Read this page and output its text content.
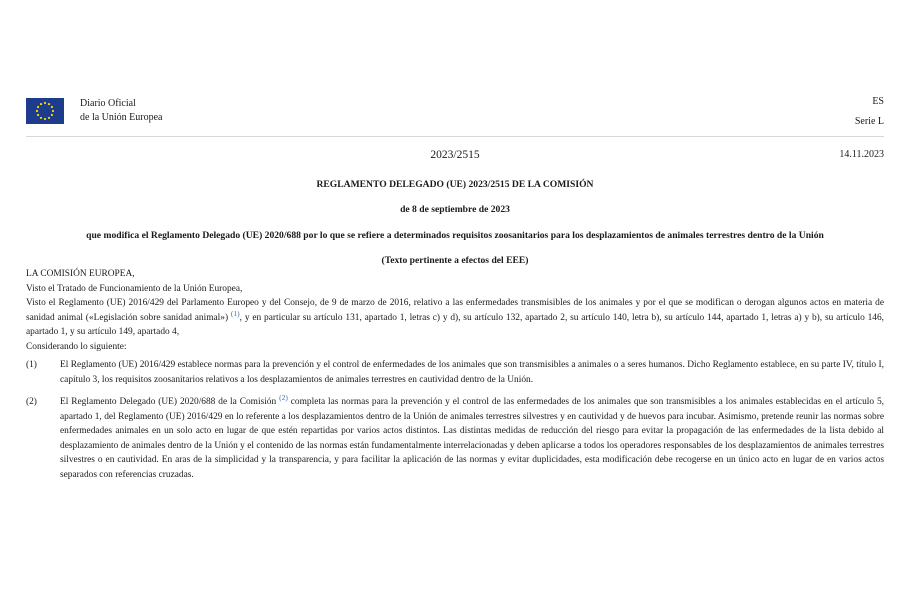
Diario Oficial
de la Unión Europea
ES
Serie L
2023/2515	14.11.2023
REGLAMENTO DELEGADO (UE) 2023/2515 DE LA COMISIÓN
de 8 de septiembre de 2023
que modifica el Reglamento Delegado (UE) 2020/688 por lo que se refiere a determinados requisitos zoosanitarios para los desplazamientos de animales terrestres dentro de la Unión
(Texto pertinente a efectos del EEE)

LA COMISIÓN EUROPEA,

Visto el Tratado de Funcionamiento de la Unión Europea,

Visto el Reglamento (UE) 2016/429 del Parlamento Europeo y del Consejo, de 9 de marzo de 2016, relativo a las enfermedades transmisibles de los animales y por el que se modifican o derogan algunos actos en materia de sanidad animal («Legislación sobre sanidad animal») $^{(1)}$, y en particular su artículo 131, apartado 1, letras c) y d), su artículo 132, apartado 2, su artículo 140, letra b), su artículo 144, apartado 1, letras a) y b), su artículo 146, apartado 1, y su artículo 149, apartado 4,

Considerando lo siguiente:

(1)	El Reglamento (UE) 2016/429 establece normas para la prevención y el control de enfermedades de los animales que son transmisibles a animales o a seres humanos. Dicho Reglamento establece, en su parte IV, título I, capítulo 3, los requisitos zoosanitarios relativos a los desplazamientos de animales terrestres en cautividad dentro de la Unión.
(2)	El Reglamento Delegado (UE) 2020/688 de la Comisión $^{(2)}$ completa las normas para la prevención y el control de las enfermedades de los animales que son transmisibles a los animales establecidas en el artículo 5, apartado 1, del Reglamento (UE) 2016/429 en lo referente a los desplazamientos dentro de la Unión de animales terrestres silvestres y en cautividad y de huevos para incubar. Asimismo, pretende reunir las normas sobre enfermedades animales en un solo acto en lugar de que estén repartidas por varios actos distintos. Las distintas medidas de reducción del riesgo para evitar la propagación de las enfermedades de la lista debido al desplazamiento de animales dentro de la Unión y el contenido de las normas están fundamentalmente interrelacionadas y deben aplicarse a todos los operadores responsables de los desplazamientos de animales terrestres silvestres o en cautividad. En aras de la simplicidad y la transparencia, y para facilitar la aplicación de las normas y evitar duplicidades, esta modificación debe recogerse en un único acto en lugar de en varios actos separados con referencias cruzadas.
